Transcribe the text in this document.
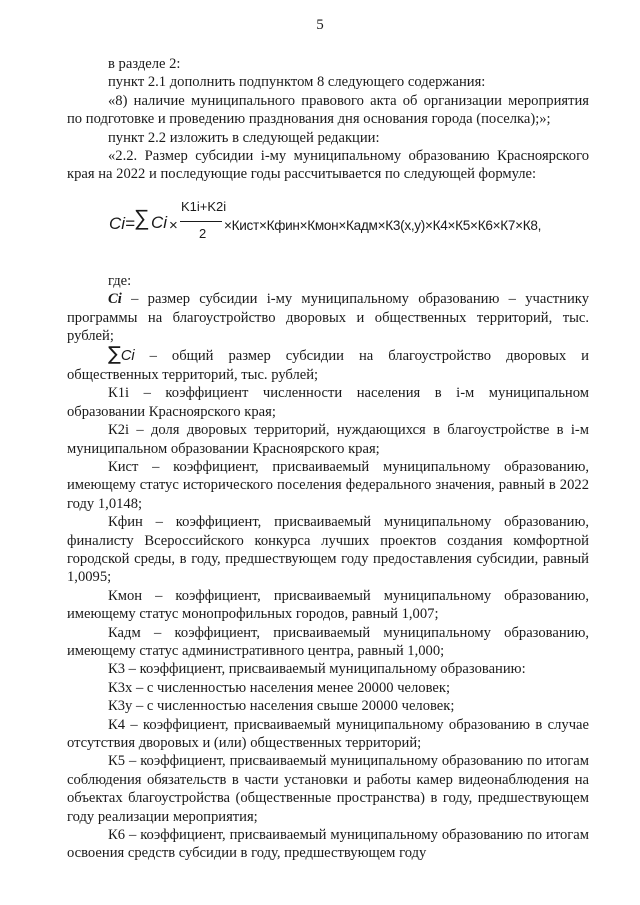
5

в разделе 2:

пункт 2.1 дополнить подпунктом 8 следующего содержания:

«8) наличие муниципального правового акта об организации мероприятия по подготовке и проведению празднования дня основания города (поселка);»;

пункт 2.2 изложить в следующей редакции:

«2.2. Размер субсидии i-му муниципальному образованию Красноярского края на 2022 и последующие годы рассчитывается по следующей формуле:

Ci= ∑ Ci ×
K1i+K2i
2
×Кист×Кфин×Кмон×Кадм×К3(x,y)×К4×К5×К6×К7×К8,

где:

Ci – размер субсидии i-му муниципальному образованию – участнику программы на благоустройство дворовых и общественных территорий, тыс. рублей;

∑Ci – общий размер субсидии на благоустройство дворовых и общественных территорий, тыс. рублей;

К1i – коэффициент численности населения в i-м муниципальном образовании Красноярского края;

К2i – доля дворовых территорий, нуждающихся в благоустройстве в i-м муниципальном образовании Красноярского края;

Кист – коэффициент, присваиваемый муниципальному образованию, имеющему статус исторического поселения федерального значения, равный в 2022 году 1,0148;

Кфин – коэффициент, присваиваемый муниципальному образованию, финалисту Всероссийского конкурса лучших проектов создания комфортной городской среды, в году, предшествующем году предоставления субсидии, равный 1,0095;

Кмон – коэффициент, присваиваемый муниципальному образованию, имеющему статус монопрофильных городов, равный 1,007;

Кадм – коэффициент, присваиваемый муниципальному образованию, имеющему статус административного центра, равный 1,000;

К3 – коэффициент, присваиваемый муниципальному образованию:

К3х – с численностью населения менее 20000 человек;

К3у – с численностью населения свыше 20000 человек;

К4 – коэффициент, присваиваемый муниципальному образованию в случае отсутствия дворовых и (или) общественных территорий;

К5 – коэффициент, присваиваемый муниципальному образованию по итогам соблюдения обязательств в части установки и работы камер видеонаблюдения на объектах благоустройства (общественные пространства) в году, предшествующем году реализации мероприятия;

К6 – коэффициент, присваиваемый муниципальному образованию по итогам освоения средств субсидии в году, предшествующем году
